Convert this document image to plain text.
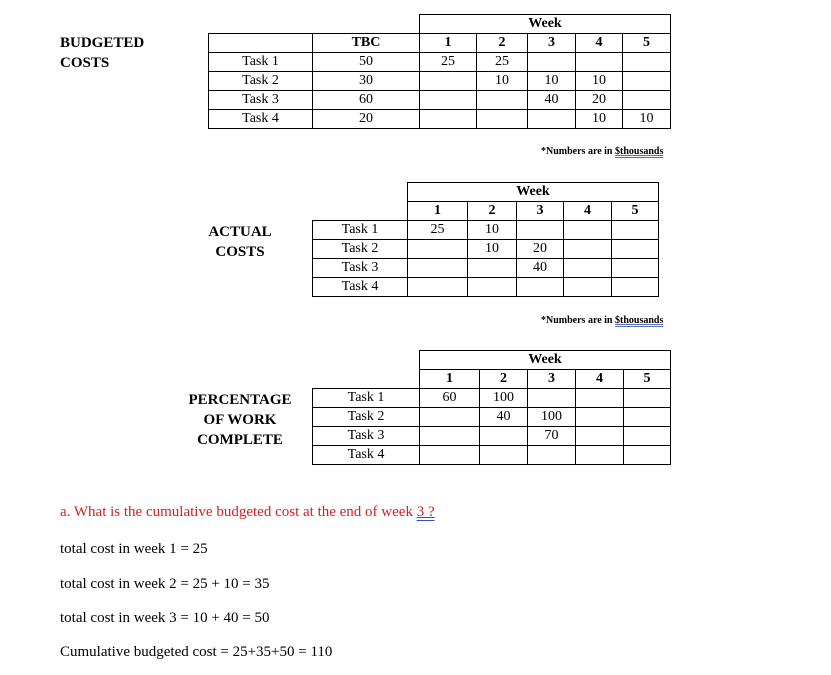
BUDGETED
COSTS
		Week				
	TBC	1	2	3	4	5
Task 1	50	25	25			
Task 2	30		10	10	10	
Task 3	60			40	20	
Task 4	20				10	10
*Numbers are in $thousands
ACTUAL
COSTS
	Week				
	1	2	3	4	5
Task 1	25	10			
Task 2		10	20		
Task 3			40		
Task 4					
*Numbers are in $thousands
PERCENTAGE
OF WORK
COMPLETE
	Week				
	1	2	3	4	5
Task 1	60	100			
Task 2		40	100		
Task 3			70		
Task 4					
a. What is the cumulative budgeted cost at the end of week 3 ?
total cost in week 1 = 25
total cost in week 2 = 25 + 10 = 35
total cost in week 3 = 10 + 40 = 50
Cumulative budgeted cost = 25+35+50 = 110
